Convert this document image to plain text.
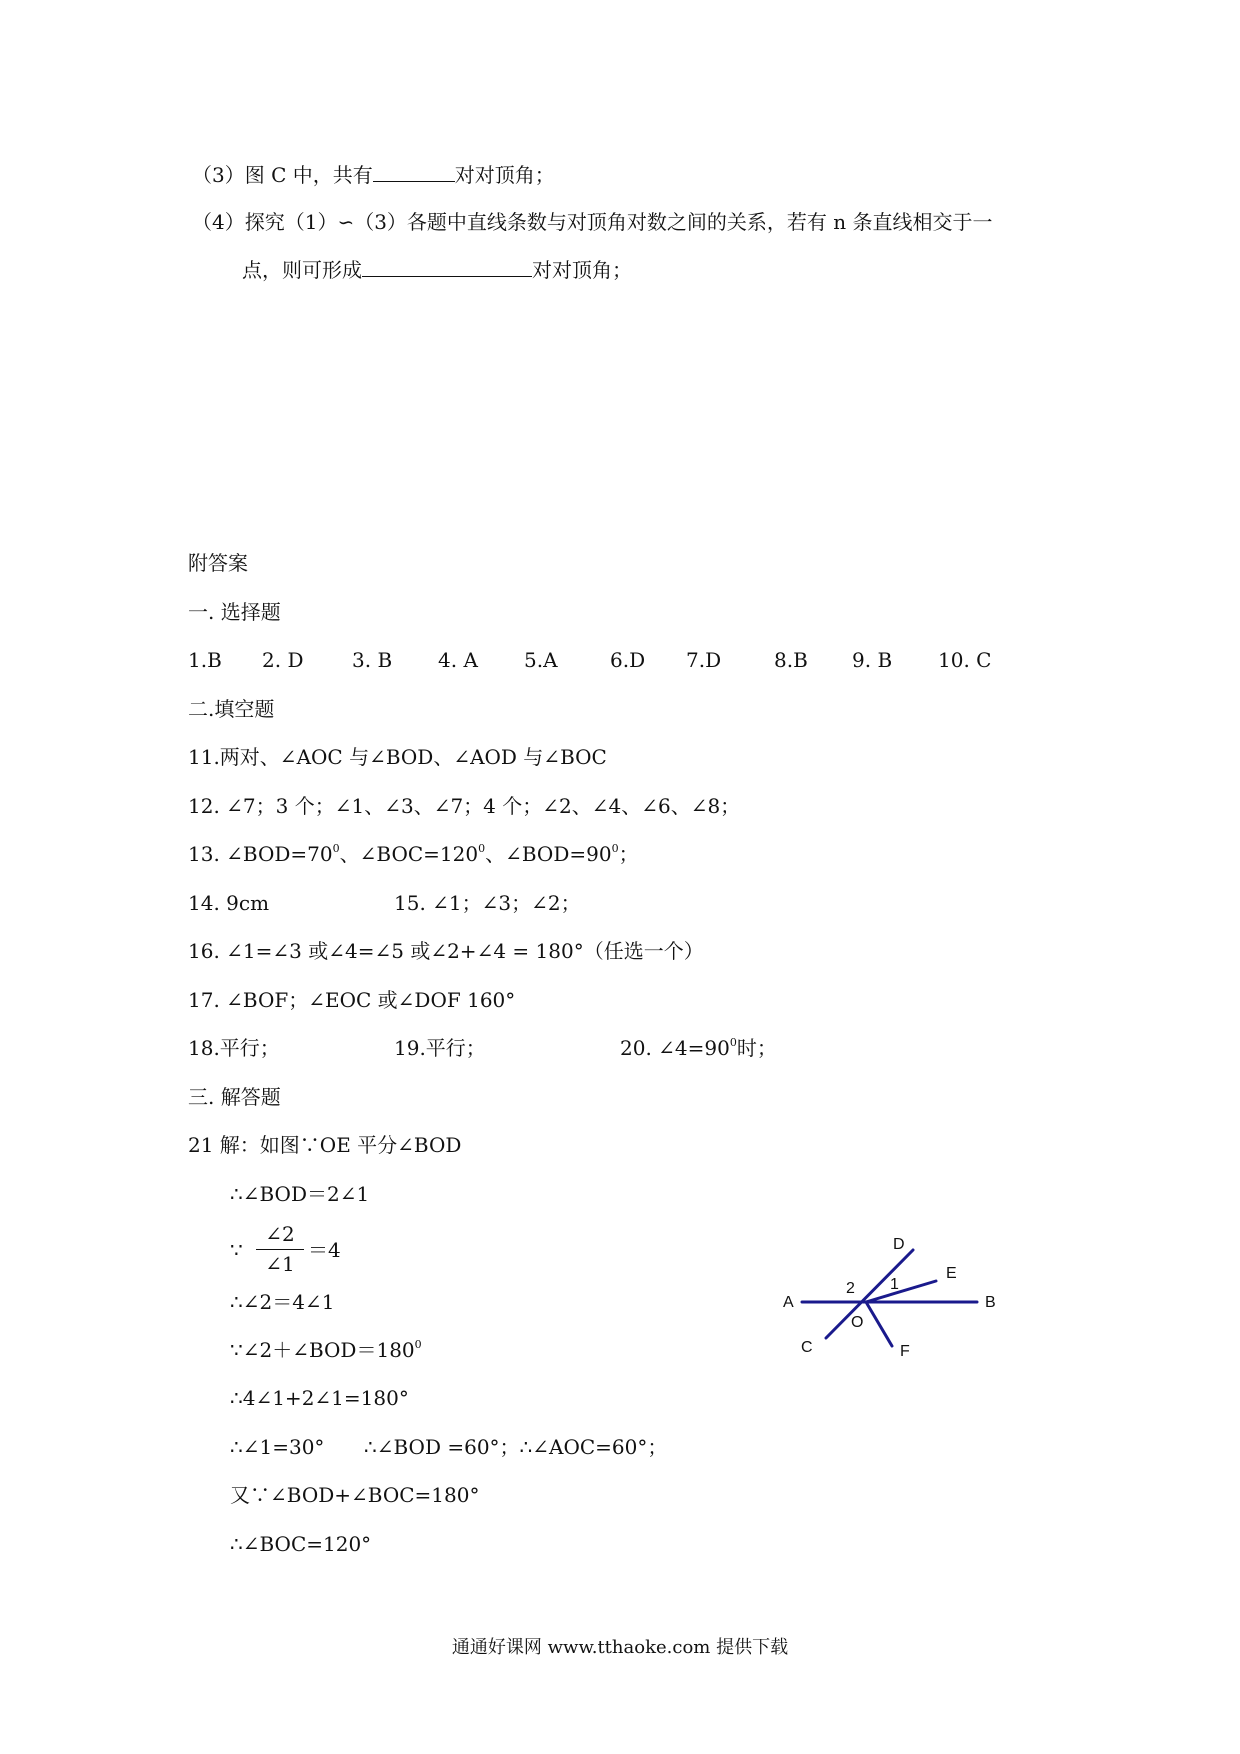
（3）图 C 中，共有	对对顶角；
（4）探究（1）∽（3）各题中直线条数与对顶角对数之间的关系，若有 n 条直线相交于一
点，则可形成	对对顶角；
附答案
一. 选择题
1.B 2. D 3. B 4. A 5.A	6.D 7.D	8.B 9. B 10. C
二.填空题
11.两对、∠AOC 与∠BOD、∠AOD 与∠BOC
12. ∠7；3 个；∠1、∠3、∠7；4 个；∠2、∠4、∠6、∠8；
13. $\angle BOD=70^0$、$\angle BOC=120^0$、$\angle BOD=90^0$；
14. 9cm	15. ∠1；∠3；∠2；
16. ∠1=∠3 或∠4=∠5 或∠2+∠4 = 180°（任选一个）
17. ∠BOF；∠EOC 或∠DOF 160°
18.平行；	19.平行；	20. $\angle 4=90^0$时；
三. 解答题
21 解：如图∵OE 平分∠BOD
∴∠BOD＝2∠1
∵
∠2
∠1
＝4
∴∠2＝4∠1
$\because\angle 2+\angle BOD=180^0$
∴4∠1+2∠1=180°
∴∠1=30° ∴∠BOD =60°；∴∠AOC=60°；
又∵∠BOD+∠BOC=180°
∴∠BOC=120°
A	B
C
D
E
F
O
1
2
通通好课网 www.tthaoke.com 提供下载
